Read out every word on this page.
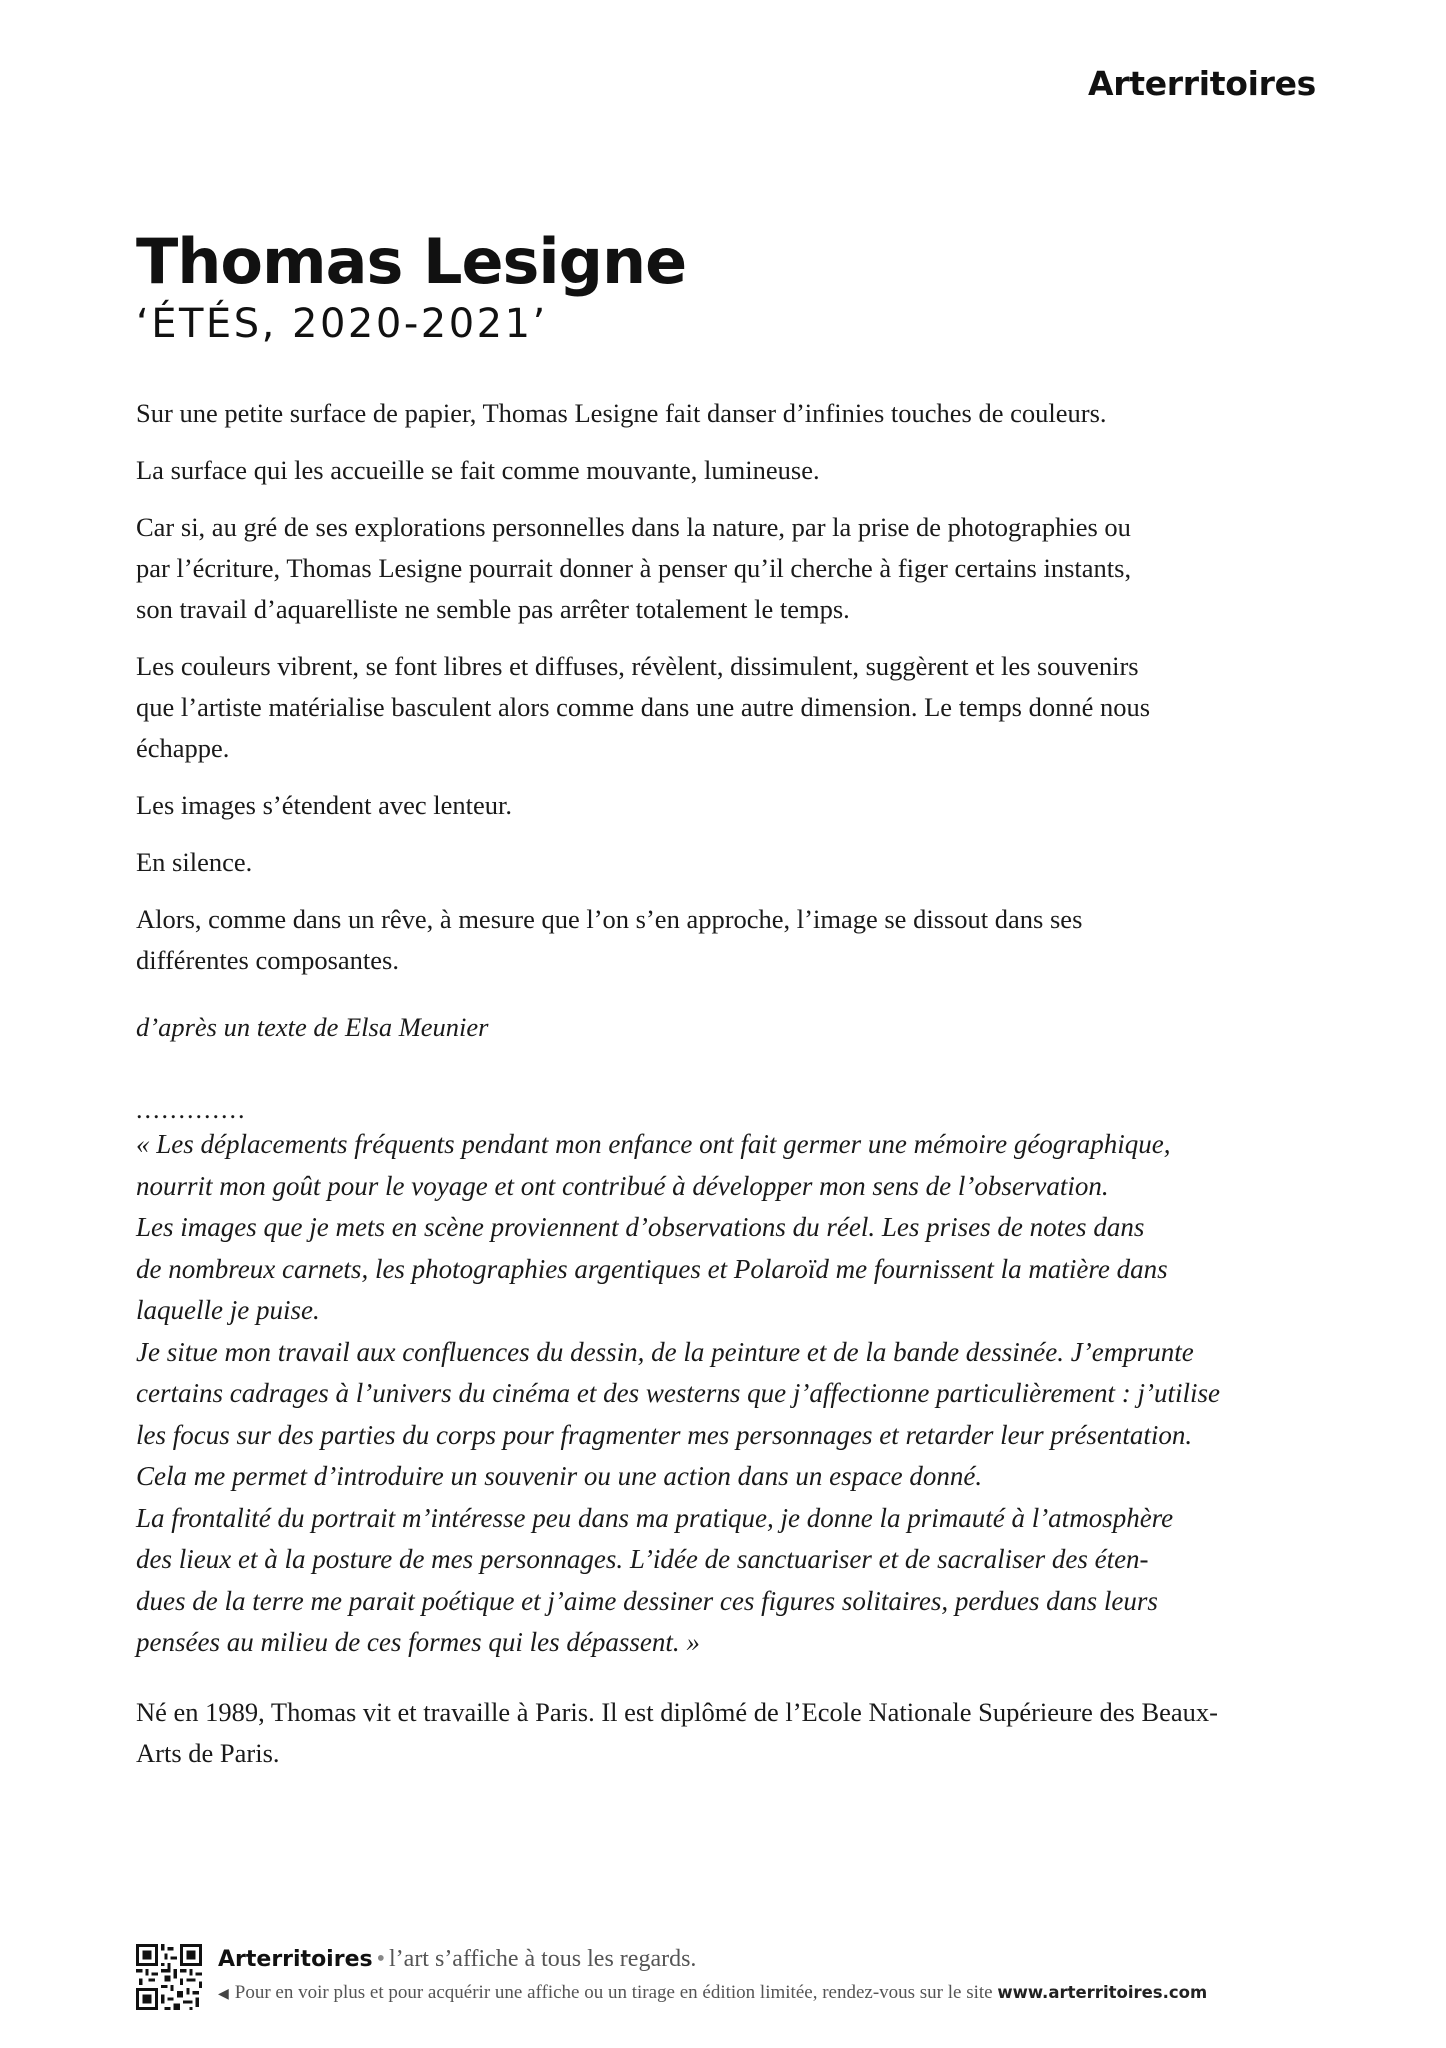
Arterritoires
Thomas Lesigne
‘ÉTÉS, 2020-2021’

Sur une petite surface de papier, Thomas Lesigne fait danser d’infinies touches de couleurs.

La surface qui les accueille se fait comme mouvante, lumineuse.

Car si, au gré de ses explorations personnelles dans la nature, par la prise de photographies ou
par l’écriture, Thomas Lesigne pourrait donner à penser qu’il cherche à figer certains instants,
son travail d’aquarelliste ne semble pas arrêter totalement le temps.

Les couleurs vibrent, se font libres et diffuses, révèlent, dissimulent, suggèrent et les souvenirs
que l’artiste matérialise basculent alors comme dans une autre dimension. Le temps donné nous
échappe.

Les images s’étendent avec lenteur.

En silence.

Alors, comme dans un rêve, à mesure que l’on s’en approche, l’image se dissout dans ses
différentes composantes.

d’après un texte de Elsa Meunier

.............

« Les déplacements fréquents pendant mon enfance ont fait germer une mémoire géographique,

nourrit mon goût pour le voyage et ont contribué à développer mon sens de l’observation.

Les images que je mets en scène proviennent d’observations du réel. Les prises de notes dans

de nombreux carnets, les photographies argentiques et Polaroïd me fournissent la matière dans

laquelle je puise.

Je situe mon travail aux confluences du dessin, de la peinture et de la bande dessinée. J’emprunte

certains cadrages à l’univers du cinéma et des westerns que j’affectionne particulièrement : j’utilise

les focus sur des parties du corps pour fragmenter mes personnages et retarder leur présentation.

Cela me permet d’introduire un souvenir ou une action dans un espace donné.

La frontalité du portrait m’intéresse peu dans ma pratique, je donne la primauté à l’atmosphère

des lieux et à la posture de mes personnages. L’idée de sanctuariser et de sacraliser des éten-

dues de la terre me parait poétique et j’aime dessiner ces figures solitaires, perdues dans leurs

pensées au milieu de ces formes qui les dépassent. »

Né en 1989, Thomas vit et travaille à Paris. Il est diplômé de l’Ecole Nationale Supérieure des Beaux-

Arts de Paris.

Arterritoires • l’art s’affiche à tous les regards.
◀ Pour en voir plus et pour acquérir une affiche ou un tirage en édition limitée, rendez-vous sur le site www.arterritoires.com
